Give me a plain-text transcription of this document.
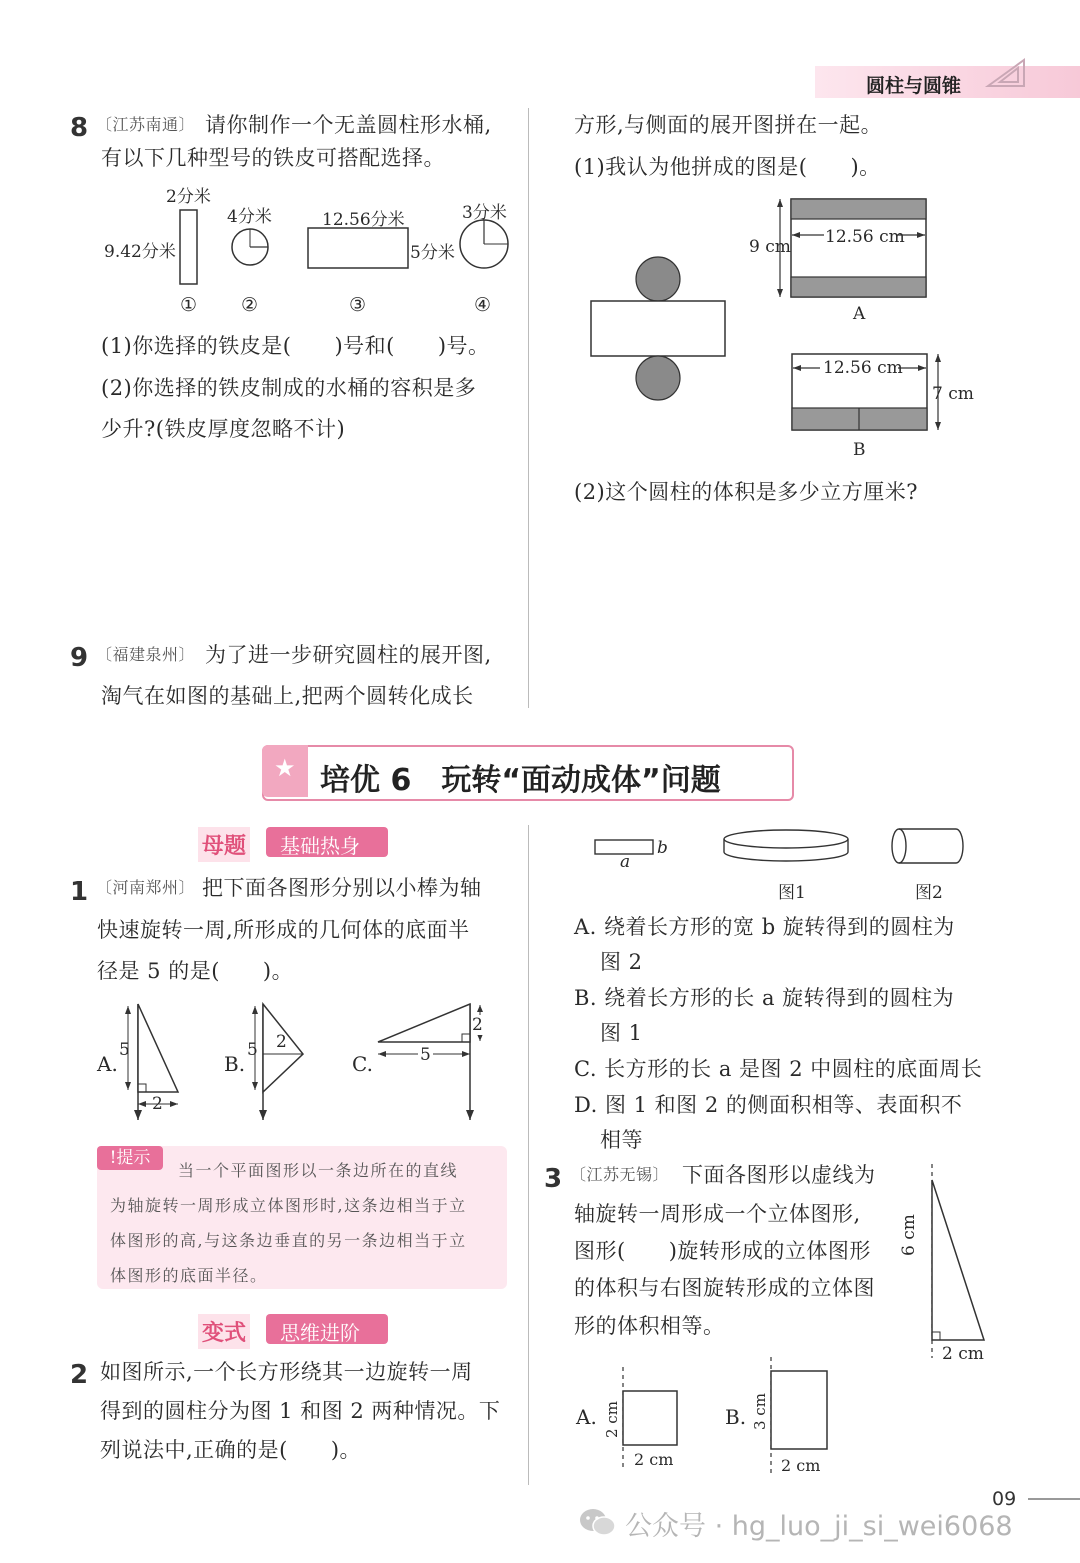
圆柱与圆锥
8 〔江苏南通〕 请你制作一个无盖圆柱形水桶,
有以下几种型号的铁皮可搭配选择。
2分米
9.42分米
4分米	12.56分米
5分米
3分米
① ②	③	④
(1)你选择的铁皮是(　　)号和(　　)号。
(2)你选择的铁皮制成的水桶的容积是多
少升?(铁皮厚度忽略不计)
9 〔福建泉州〕 为了进一步研究圆柱的展开图,
淘气在如图的基础上,把两个圆转化成长
方形,与侧面的展开图拼在一起。
(1)我认为他拼成的图是(　　)。
9 cm 12.56 cm
A
12.56 cm
7 cm
B
(2)这个圆柱的体积是多少立方厘米?
★ 培优 6　玩转“面动成体”问题
母题 基础热身
1 〔河南郑州〕 把下面各图形分别以小棒为轴
快速旋转一周,所形成的几何体的底面半
径是 5 的是(　　)。
A.
5
2
B.
5 2
C.	5
2
!提示
当一个平面图形以一条边所在的直线
为轴旋转一周形成立体图形时,这条边相当于立
体图形的高,与这条边垂直的另一条边相当于立
体图形的底面半径。
变式 思维进阶
2 如图所示,一个长方形绕其一边旋转一周
得到的圆柱分为图 1 和图 2 两种情况。下
列说法中,正确的是(　　)。
a
b
图1	图2
A. 绕着长方形的宽 b 旋转得到的圆柱为
图 2
B. 绕着长方形的长 a 旋转得到的圆柱为
图 1
C. 长方形的长 a 是图 2 中圆柱的底面周长
D. 图 1 和图 2 的侧面积相等、表面积不
相等
3 〔江苏无锡〕 下面各图形以虚线为
轴旋转一周形成一个立体图形,
图形(　　)旋转形成的立体图形
的体积与右图旋转形成的立体图
形的体积相等。
6 cm
2 cm
A. 2 cm
2 cm
B. 3 cm
2 cm
09
公众号 · hg_luo_ji_si_wei6068
